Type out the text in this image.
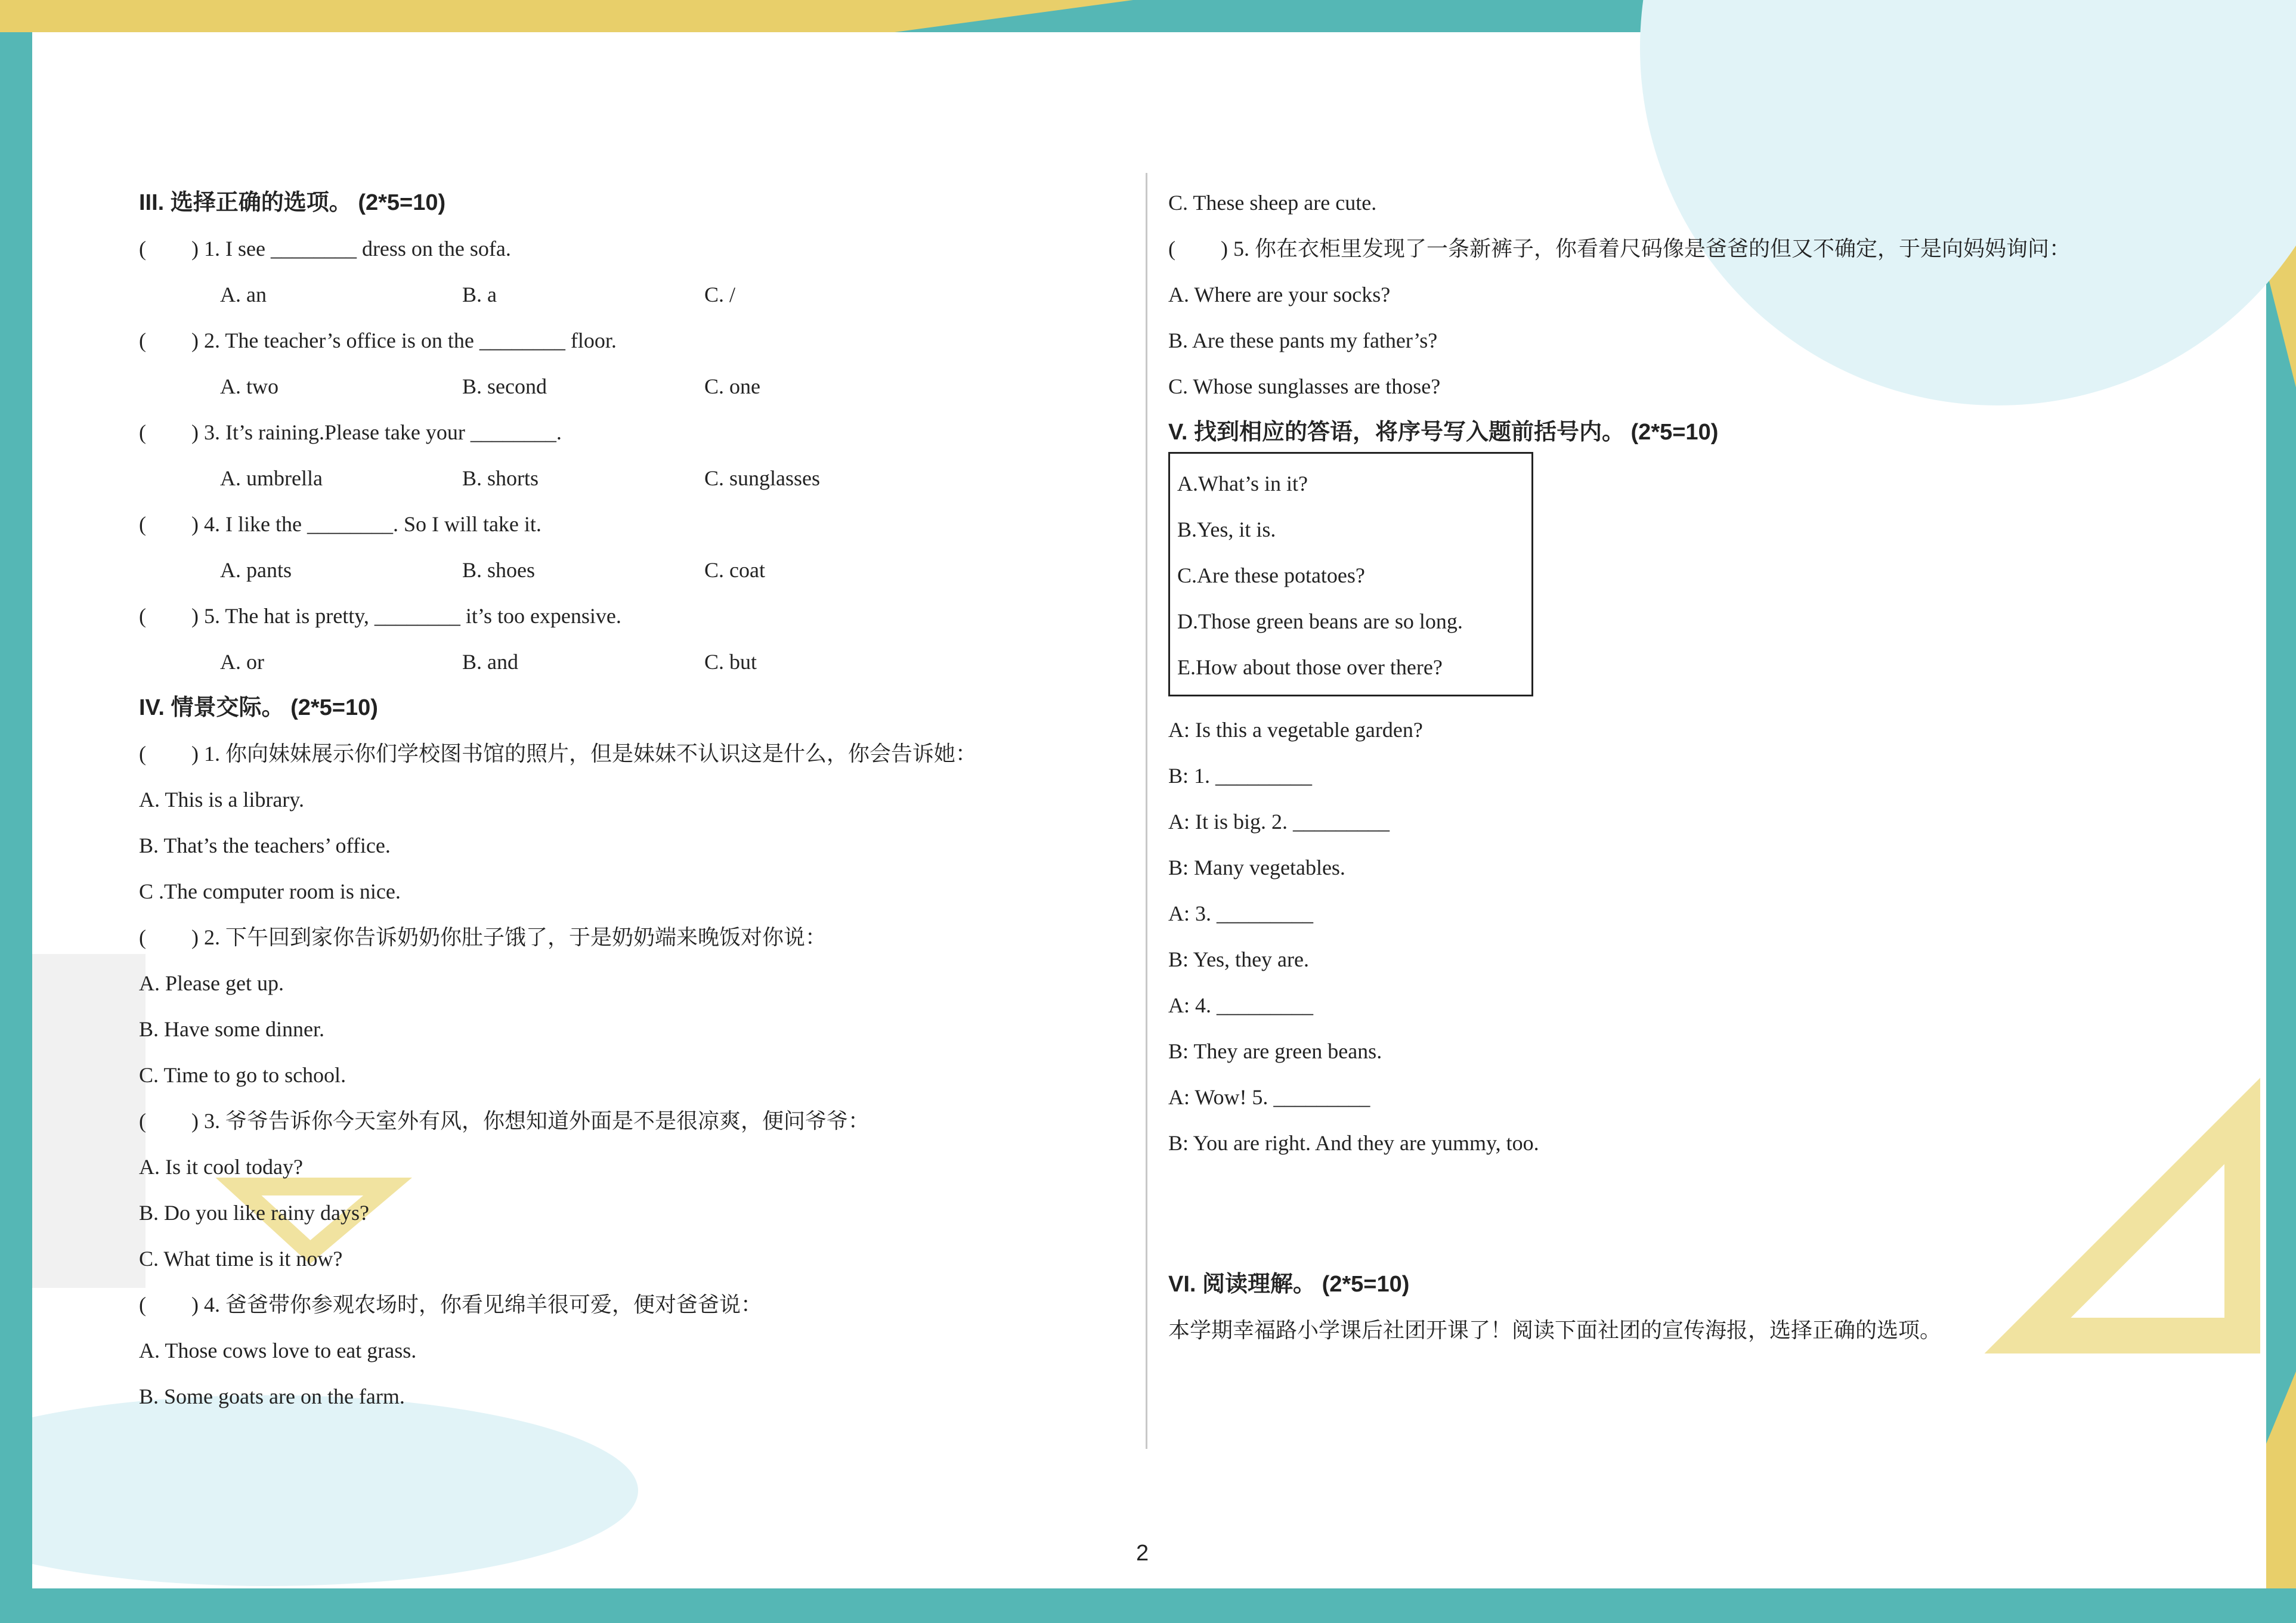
III. 选择正确的选项。 (2*5=10)
( ) 1. I see ________ dress on the sofa.
A. an	B. a	C. /
( ) 2. The teacher’s office is on the ________ floor.
A. two	B. second	C. one
( ) 3. It’s raining.Please take your ________.
A. umbrella	B. shorts	C. sunglasses
( ) 4. I like the ________. So I will take it.
A. pants	B. shoes	C. coat
( ) 5. The hat is pretty, ________ it’s too expensive.
A. or	B. and	C. but
IV. 情景交际。 (2*5=10)
( ) 1. 你向妹妹展示你们学校图书馆的照片，但是妹妹不认识这是什么，你会告诉她：
A. This is a library.
B. That’s the teachers’ office.
C .The computer room is nice.
( ) 2. 下午回到家你告诉奶奶你肚子饿了，于是奶奶端来晚饭对你说：
A. Please get up.
B. Have some dinner.
C. Time to go to school.
( ) 3. 爷爷告诉你今天室外有风，你想知道外面是不是很凉爽，便问爷爷：
A. Is it cool today?
B. Do you like rainy days?
C. What time is it now?
( ) 4. 爸爸带你参观农场时，你看见绵羊很可爱，便对爸爸说：
A. Those cows love to eat grass.
B. Some goats are on the farm.
C. These sheep are cute.
( ) 5. 你在衣柜里发现了一条新裤子，你看着尺码像是爸爸的但又不确定，于是向妈妈询问：
A. Where are your socks?
B. Are these pants my father’s?
C. Whose sunglasses are those?
V. 找到相应的答语，将序号写入题前括号内。 (2*5=10)
A.What’s in it?
B.Yes, it is.
C.Are these potatoes?
D.Those green beans are so long.
E.How about those over there?
A: Is this a vegetable garden?
B: 1. _________
A: It is big. 2. _________
B: Many vegetables.
A: 3. _________
B: Yes, they are.
A: 4. _________
B: They are green beans.
A: Wow! 5. _________
B: You are right. And they are yummy, too.
VI. 阅读理解。 (2*5=10)
本学期幸福路小学课后社团开课了！阅读下面社团的宣传海报，选择正确的选项。
2
